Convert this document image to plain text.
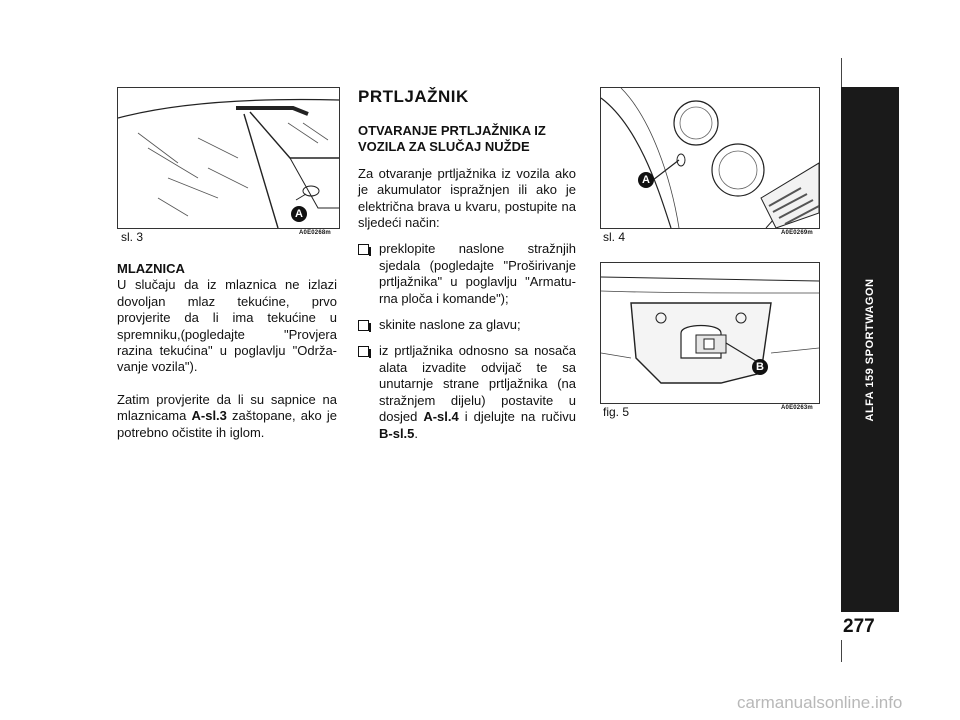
A
sl. 3	A0E0268m
MLAZNICA
U slučaju da iz mlaznica ne izlazi dovoljan mlaz tekućine, prvo provjerite da li ima tekućine u spremniku,(pogledajte "Provjera razina tekućina" u poglavlju "Održa-vanje vozila").
Zatim provjerite da li su sapnice na mlaznicama A-sl.3 zaštopane, ako je potrebno očistite ih iglom.
PRTLJAŽNIK
OTVARANJE PRTLJAŽNIKA IZ VOZILA ZA SLUČAJ NUŽDE
Za otvaranje prtljažnika iz vozila ako je akumulator ispražnjen ili ako je električna brava u kvaru, postupite na sljedeći način:
preklopite naslone stražnjih sjedala (pogledajte "Proširivanje prtljažnika" u poglavlju "Armatu-rna ploča i komande");
skinite naslone za glavu;
iz prtljažnika odnosno sa nosača alata izvadite odvijač te sa unutarnje strane prtljažnika (na stražnjem dijelu) postavite u dosjed A-sl.4 i djelujte na ručivu B-sl.5.
A
sl. 4	A0E0269m
B
fig. 5	A0E0263m	ALFA 159 SPORTWAGON
277
carmanualsonline.info
